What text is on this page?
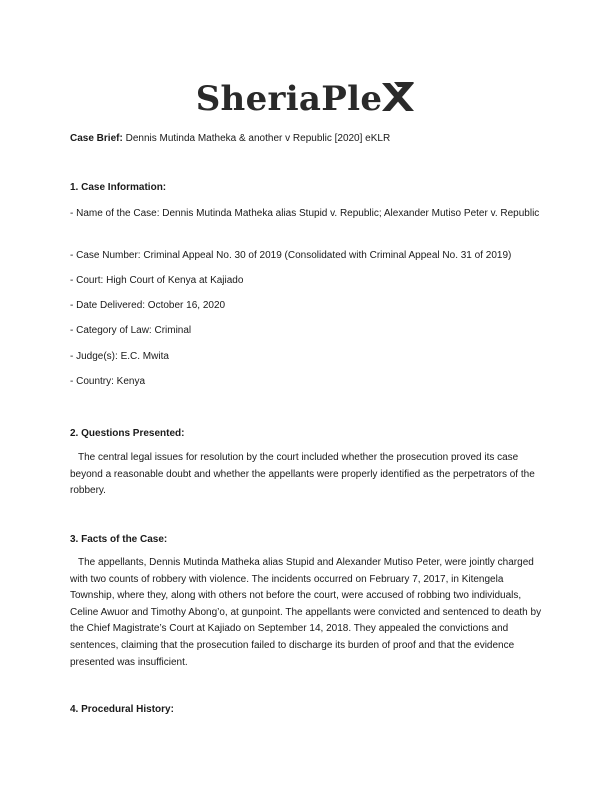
SheriaPle

Case Brief: Dennis Mutinda Matheka & another v Republic [2020] eKLR

1. Case Information:

- Name of the Case: Dennis Mutinda Matheka alias Stupid v. Republic; Alexander Mutiso Peter v. Republic

- Case Number: Criminal Appeal No. 30 of 2019 (Consolidated with Criminal Appeal No. 31 of 2019)

- Court: High Court of Kenya at Kajiado

- Date Delivered: October 16, 2020

- Category of Law: Criminal

- Judge(s): E.C. Mwita

- Country: Kenya

2. Questions Presented:

The central legal issues for resolution by the court included whether the prosecution proved its case beyond a reasonable doubt and whether the appellants were properly identified as the perpetrators of the robbery.

3. Facts of the Case:

The appellants, Dennis Mutinda Matheka alias Stupid and Alexander Mutiso Peter, were jointly charged with two counts of robbery with violence. The incidents occurred on February 7, 2017, in Kitengela Township, where they, along with others not before the court, were accused of robbing two individuals, Celine Awuor and Timothy Abong’o, at gunpoint. The appellants were convicted and sentenced to death by the Chief Magistrate’s Court at Kajiado on September 14, 2018. They appealed the convictions and sentences, claiming that the prosecution failed to discharge its burden of proof and that the evidence presented was insufficient.

4. Procedural History:
